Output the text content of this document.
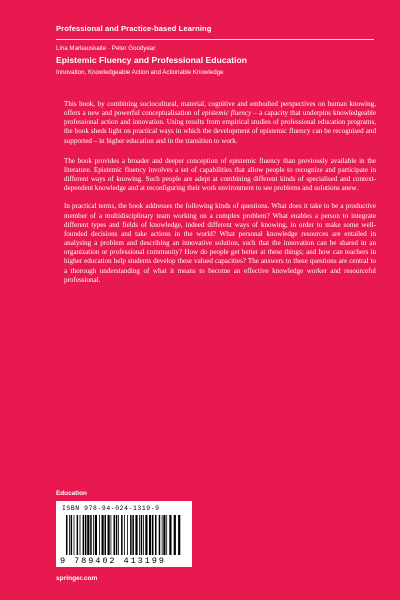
Professional and Practice-based Learning
Lina Markauskaite · Peter Goodyear
Epistemic Fluency and Professional Education
Innovation, Knowledgeable Action and Actionable Knowledge

This book, by combining sociocultural, material, cognitive and embodied perspectives on human knowing, offers a new and powerful conceptualisation of epistemic fluency – a capacity that underpins knowledgeable professional action and innovation. Using results from empirical studies of professional education programs, the book sheds light on practical ways in which the development of epistemic fluency can be recognised and supported – in higher education and in the transition to work.

The book provides a broader and deeper conception of epistemic fluency than previously available in the literature. Epistemic fluency involves a set of capabilities that allow people to recognize and participate in different ways of knowing. Such people are adept at combining different kinds of specialised and context-dependent knowledge and at reconfiguring their work environment to see problems and solutions anew.

In practical terms, the book addresses the following kinds of questions. What does it take to be a productive member of a multidisciplinary team working on a complex problem? What enables a person to integrate different types and fields of knowledge, indeed different ways of knowing, in order to make some well-founded decisions and take actions in the world? What personal knowledge resources are entailed in analysing a problem and describing an innovative solution, such that the innovation can be shared in an organization or professional community? How do people get better at these things; and how can teachers in higher education help students develop these valued capacities? The answers to these questions are central to a thorough understanding of what it means to become an effective knowledge worker and resourceful professional.

Education
ISBN 978-94-024-1319-9
9 789402 413199
springer.com
